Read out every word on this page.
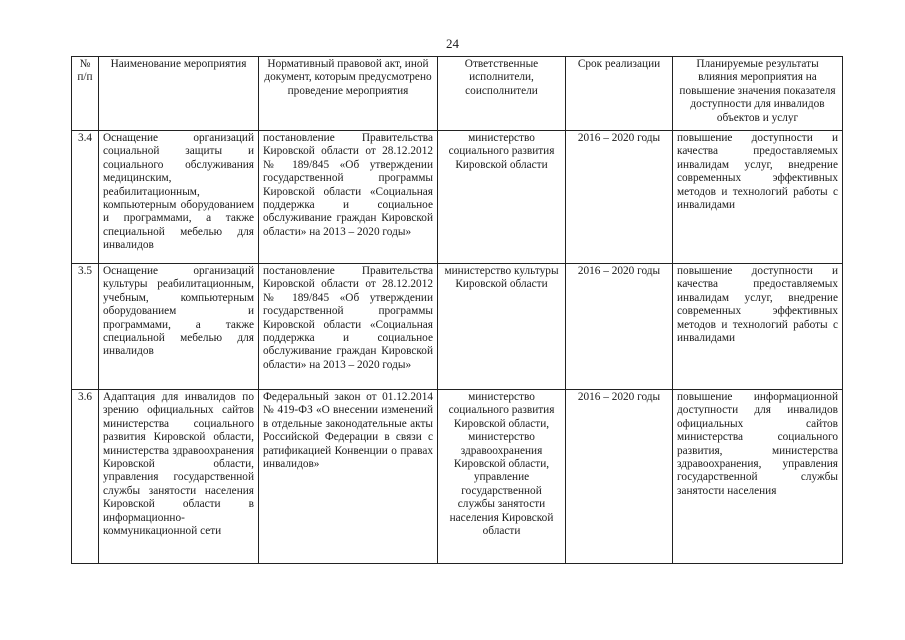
24
№ п/п	Наименование мероприятия	Нормативный правовой акт, иной документ, которым предусмотрено проведение мероприятия	Ответственные исполнители, соисполнители	Срок реализации	Планируемые результаты влияния мероприятия на повышение значения показателя доступности для инвалидов объектов и услуг
3.4	Оснащение организаций социальной защиты и социального обслуживания медицинским, реабилитационным, компьютерным оборудованием и программами, а также специальной мебелью для инвалидов	постановление Правительства Кировской области от 28.12.2012 № 189/845 «Об утверждении государственной программы Кировской области «Социальная поддержка и социальное обслуживание граждан Кировской области» на 2013 – 2020 годы»	министерство социального развития Кировской области	2016 – 2020 годы	повышение доступности и качества предоставляемых инвалидам услуг, внедрение современных эффективных методов и технологий работы с инвалидами
3.5	Оснащение организаций культуры реабилитационным, учебным, компьютерным оборудованием и программами, а также специальной мебелью для инвалидов	постановление Правительства Кировской области от 28.12.2012 № 189/845 «Об утверждении государственной программы Кировской области «Социальная поддержка и социальное обслуживание граждан Кировской области» на 2013 – 2020 годы»	министерство культуры Кировской области	2016 – 2020 годы	повышение доступности и качества предоставляемых инвалидам услуг, внедрение современных эффективных методов и технологий работы с инвалидами
3.6	Адаптация для инвалидов по зрению официальных сайтов министерства социального развития Кировской области, министерства здравоохранения Кировской области, управления государственной службы занятости населения Кировской области в информационно-коммуникационной сети	Федеральный закон от 01.12.2014 № 419-ФЗ «О внесении изменений в отдельные законодательные акты Российской Федерации в связи с ратификацией Конвенции о правах инвалидов»	министерство социального развития Кировской области, министерство здравоохранения Кировской области, управление государственной службы занятости населения Кировской области	2016 – 2020 годы	повышение информационной доступности для инвалидов официальных сайтов министерства социального развития, министерства здравоохранения, управления государственной службы занятости населения
